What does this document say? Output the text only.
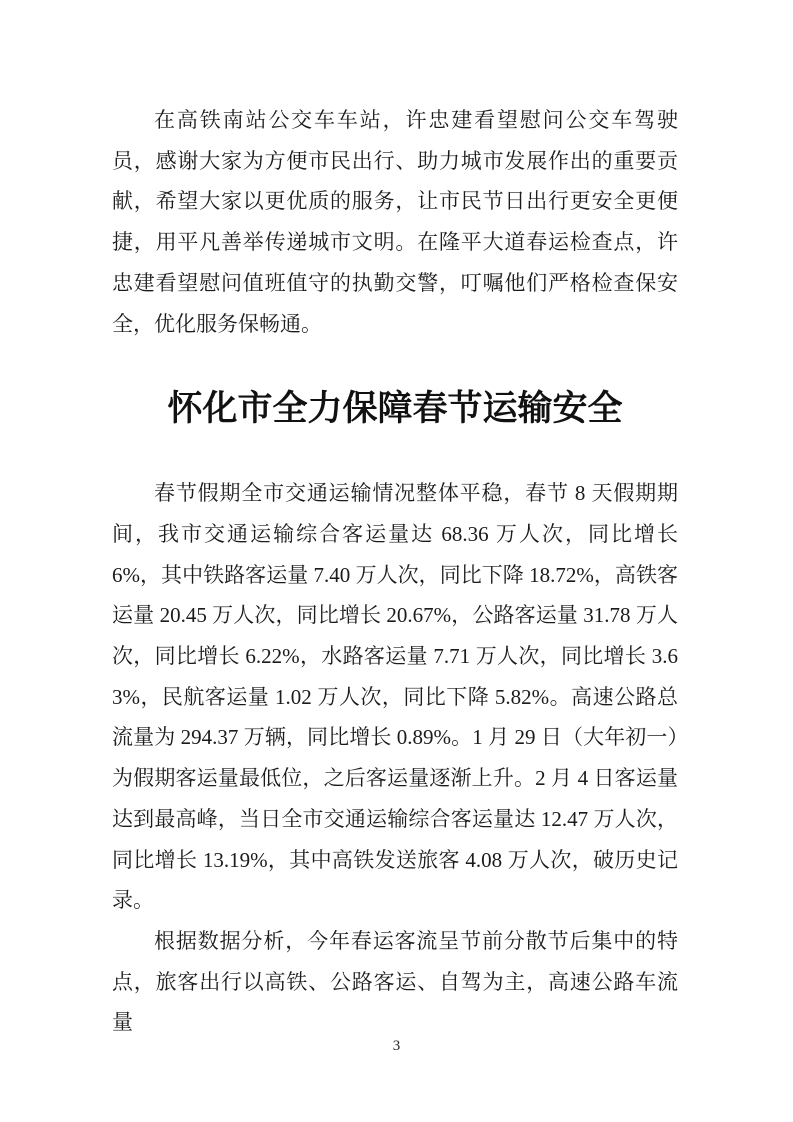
在高铁南站公交车车站，许忠建看望慰问公交车驾驶员，感谢大家为方便市民出行、助力城市发展作出的重要贡献，希望大家以更优质的服务，让市民节日出行更安全更便捷，用平凡善举传递城市文明。在隆平大道春运检查点，许忠建看望慰问值班值守的执勤交警，叮嘱他们严格检查保安全，优化服务保畅通。

怀化市全力保障春节运输安全

春节假期全市交通运输情况整体平稳，春节 8 天假期期间，我市交通运输综合客运量达 68.36 万人次，同比增长 6%，其中铁路客运量 7.40 万人次，同比下降 18.72%，高铁客运量 20.45 万人次，同比增长 20.67%，公路客运量 31.78 万人次，同比增长 6.22%，水路客运量 7.71 万人次，同比增长 3.63%，民航客运量 1.02 万人次，同比下降 5.82%。高速公路总流量为 294.37 万辆，同比增长 0.89%。1 月 29 日（大年初一）为假期客运量最低位，之后客运量逐渐上升。2 月 4 日客运量达到最高峰，当日全市交通运输综合客运量达 12.47 万人次，同比增长 13.19%，其中高铁发送旅客 4.08 万人次，破历史记录。

根据数据分析，今年春运客流呈节前分散节后集中的特点，旅客出行以高铁、公路客运、自驾为主，高速公路车流量

3
